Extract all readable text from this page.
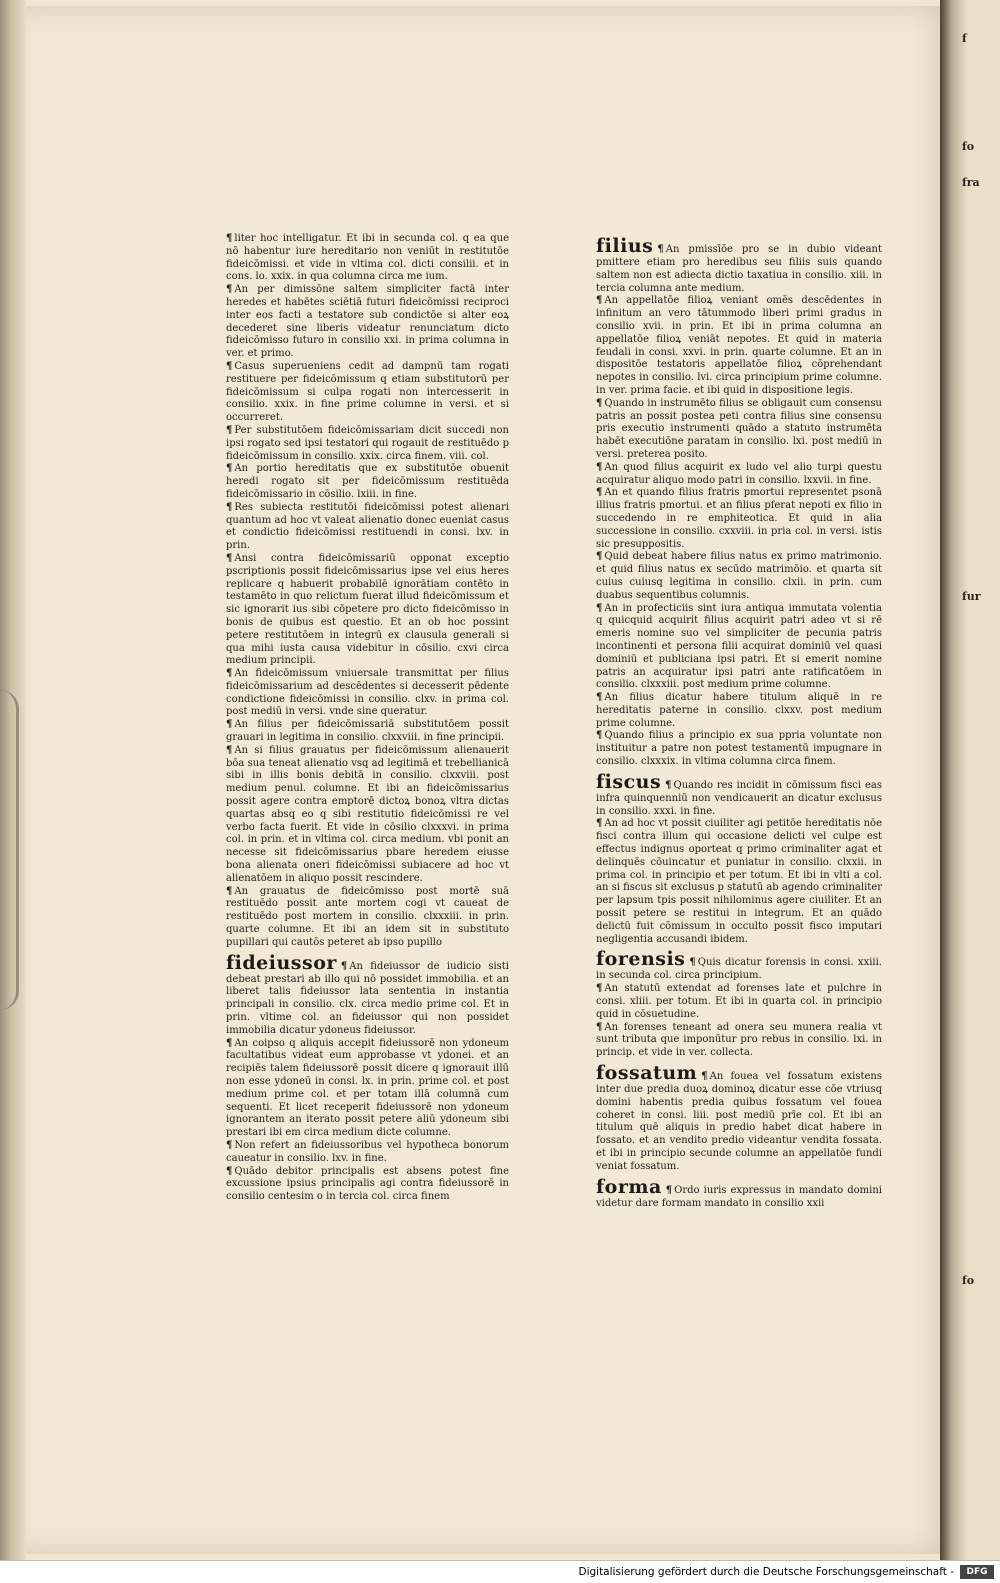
f

fo

fra

fur

fo

¶ liter hoc intelligatur. Et ibi in secunda col. q ea que nō habentur iure hereditario non veniūt in restitutōe fideicōmissi. et vide in vltima col. dicti consilii. et in cons. lo. xxix. in qua columna circa me ium.

¶ An per dimissōne saltem simpliciter factā inter heredes et habētes sciētiā futuri fideicōmissi reciproci inter eos facti a testatore sub condictōe si alter eoꝝ decederet sine liberis videatur renunciatum dicto fideicōmisso futuro in consilio xxi. in prima columna in ver. et primo.

¶ Casus superueniens cedit ad dampnū tam rogati restituere per fideicōmissum q etiam substitutorū per fideicōmissum si culpa rogati non intercesserit in consilio. xxix. in fine prime columne in versi. et si occurreret.

¶ Per substitutōem fideicōmissariam dicit succedi non ipsi rogato sed ipsi testatori qui rogauit de restituēdo p fideicōmissum in consilio. xxix. circa finem. viii. col.

¶ An portio hereditatis que ex substitutōe obuenit heredi rogato sit per fideicōmissum restituēda fideicōmissario in cōsilio. lxiii. in fine.

¶ Res subiecta restitutōi fideicōmissi potest alienari quantum ad hoc vt valeat alienatio donec eueniat casus et condictio fideicōmissi restituendi in consi. lxv. in prin.

¶ Ansi contra fideicōmissariū opponat exceptio pscriptionis possit fideicōmissarius ipse vel eius heres replicare q habuerit probabilē ignorātiam contēto in testamēto in quo relictum fuerat illud fideicōmissum et sic ignorarit ius sibi cōpetere pro dicto fideicōmisso in bonis de quibus est questio. Et an ob hoc possint petere restitutōem in integrū ex clausula generali si qua mihi iusta causa videbitur in cōsilio. cxvi circa medium principii.

¶ An fideicōmissum vniuersale transmittat per filius fideicōmissarium ad descēdentes si decesserit pēdente condictione fideicōmissi in consilio. clxv. in prima col. post mediū in versi. vnde sine queratur.

¶ An filius per fideicōmissariā substitutōem possit grauari in legitima in consilio. clxxviii. in fine principii.

¶ An si filius grauatus per fideicōmissum alienauerit bōa sua teneat alienatio vsq ad legitimā et trebellianicā sibi in illis bonis debitā in consilio. clxxviii. post medium penul. columne. Et ibi an fideicōmissarius possit agere contra emptorē dictoꝝ bonoꝝ vltra dictas quartas absq eo q sibi restitutio fideicōmissi re vel verbo facta fuerit. Et vide in cōsilio clxxxvi. in prima col. in prin. et in vltima col. circa medium. vbi ponit an necesse sit fideicōmissarius pbare heredem eiusse bona alienata oneri fideicōmissi subiacere ad hoc vt alienatōem in aliquo possit rescindere.

¶ An grauatus de fideicōmisso post mortē suā restituēdo possit ante mortem cogi vt caueat de restituēdo post mortem in consilio. clxxxiii. in prin. quarte columne. Et ibi an idem sit in substituto pupillari qui cautōs peteret ab ipso pupillo

fideiussor ¶ An fideiussor de iudicio sisti debeat prestari ab illo qui nō possidet immobilia. et an liberet talis fideiussor lata sententia in instantia principali in consilio. clx. circa medio prime col. Et in prin. vltime col. an fideiussor qui non possidet immobilia dicatur ydoneus fideiussor.

¶ An coipso q aliquis accepit fideiussorē non ydoneum facultatibus videat eum approbasse vt ydonei. et an recipiēs talem fideiussorē possit dicere q ignorauit illū non esse ydoneū in consi. lx. in prin. prime col. et post medium prime col. et per totam illā columnā cum sequenti. Et licet receperit fideiussorē non ydoneum ignorantem an iterato possit petere aliū ydoneum sibi prestari ibi em circa medium dicte columne.

¶ Non refert an fideiussoribus vel hypotheca bonorum caueatur in consilio. lxv. in fine.

¶ Quādo debitor principalis est absens potest fine excussione ipsius principalis agi contra fideiussorē in consilio centesim o in tercia col. circa finem

filius ¶ An pmissīōe pro se in dubio videant pmittere etiam pro heredibus seu filiis suis quando saltem non est adiecta dictio taxatiua in consilio. xiii. in tercia columna ante medium.

¶ An appellatōe filioꝝ veniant omēs descēdentes in infinitum an vero tātummodo liberi primi gradus in consilio xvii. in prin. Et ibi in prima columna an appellatōe filioꝝ veniāt nepotes. Et quid in materia feudali in consi. xxvi. in prin. quarte columne. Et an in dispositōe testatoris appellatōe filioꝝ cōprehendant nepotes in consilio. lvi. circa principium prime columne. in ver. prima facie. et ibi quid in dispositione legis.

¶ Quando in instrumēto filius se obligauit cum consensu patris an possit postea peti contra filius sine consensu pris executio instrumenti quādo a statuto instrumēta habēt executiōne paratam in consilio. lxi. post mediū in versi. preterea posito.

¶ An quod filius acquirit ex ludo vel alio turpi questu acquiratur aliquo modo patri in consilio. lxxvii. in fine.

¶ An et quando filius fratris pmortui representet psonā illius fratris pmortui. et an filius pferat nepoti ex filio in succedendo in re emphiteotica. Et quid in alia successione in consilio. cxxviii. in pria col. in versi. istis sic presuppositis.

¶ Quid debeat habere filius natus ex primo matrimonio. et quid filius natus ex secūdo matrimōio. et quarta sit cuius cuiusq legitima in consilio. clxii. in prin. cum duabus sequentibus columnis.

¶ An in profecticiis sint iura antiqua immutata volentia q quicquid acquirit filius acquirit patri adeo vt si rē emeris nomine suo vel simpliciter de pecunia patris incontinenti et persona filii acquirat dominiū vel quasi dominiū et publiciana ipsi patri. Et si emerit nomine patris an acquiratur ipsi patri ante ratificatōem in consilio. clxxxiii. post medium prime columne.

¶ An filius dicatur habere titulum aliquē in re hereditatis paterne in consilio. clxxv. post medium prime columne.

¶ Quando filius a principio ex sua ppria voluntate non instituitur a patre non potest testamentū impugnare in consilio. clxxxix. in vltima columna circa finem.

fiscus ¶ Quando res incidit in cōmissum fisci eas infra quinquenniū non vendicauerit an dicatur exclusus in consilio. xxxi. in fine.

¶ An ad hoc vt possit ciuiliter agi petitōe hereditatis nōe fisci contra illum qui occasione delicti vel culpe est effectus indignus oporteat q primo criminaliter agat et delinquēs cōuincatur et puniatur in consilio. clxxii. in prima col. in principio et per totum. Et ibi in vlti a col. an si fiscus sit exclusus p statutū ab agendo criminaliter per lapsum tpis possit nihilominus agere ciuiliter. Et an possit petere se restitui in integrum. Et an quādo delictū fuit cōmissum in occulto possit fisco imputari negligentia accusandi ibidem.

forensis ¶ Quis dicatur forensis in consi. xxiii. in secunda col. circa principium.

¶ An statutū extendat ad forenses late et pulchre in consi. xliii. per totum. Et ibi in quarta col. in principio quid in cōsuetudine.

¶ An forenses teneant ad onera seu munera realia vt sunt tributa que imponūtur pro rebus in consilio. lxi. in princip. et vide in ver. collecta.

fossatum ¶ An fouea vel fossatum existens inter due predia duoꝝ dominoꝝ dicatur esse cōe vtriusq domini habentis predia quibus fossatum vel fouea coheret in consi. liii. post mediū prīe col. Et ibi an titulum quē aliquis in predio habet dicat habere in fossato. et an vendito predio videantur vendita fossata. et ibi in principio secunde columne an appellatōe fundi veniat fossatum.

forma ¶ Ordo iuris expressus in mandato domini videtur dare formam mandato in consilio xxii

Digitalisierung gefördert durch die Deutsche Forschungsgemeinschaft -	DFG
